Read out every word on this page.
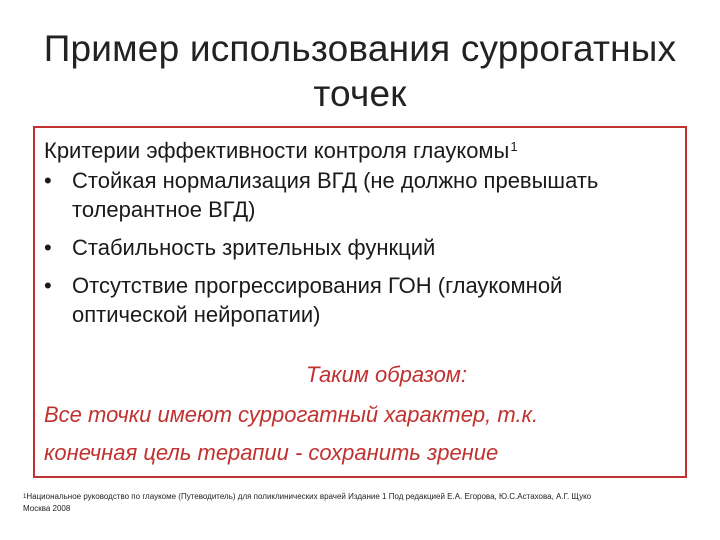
Пример использования суррогатных
точек
Критерии эффективности контроля глаукомы$^1$
• Стойкая нормализация ВГД (не должно превышать толерантное ВГД)
• Стабильность зрительных функций
• Отсутствие прогрессирования ГОН (глаукомной оптической нейропатии)
Таким образом:
Все точки имеют суррогатный характер, т.к.
конечная цель терапии - сохранить зрение
$^1$Национальное руководство по глаукоме (Путеводитель) для поликлинических врачей Издание 1 Под редакцией Е.А. Егорова, Ю.С.Астахова, А.Г. Щуко
Москва 2008
